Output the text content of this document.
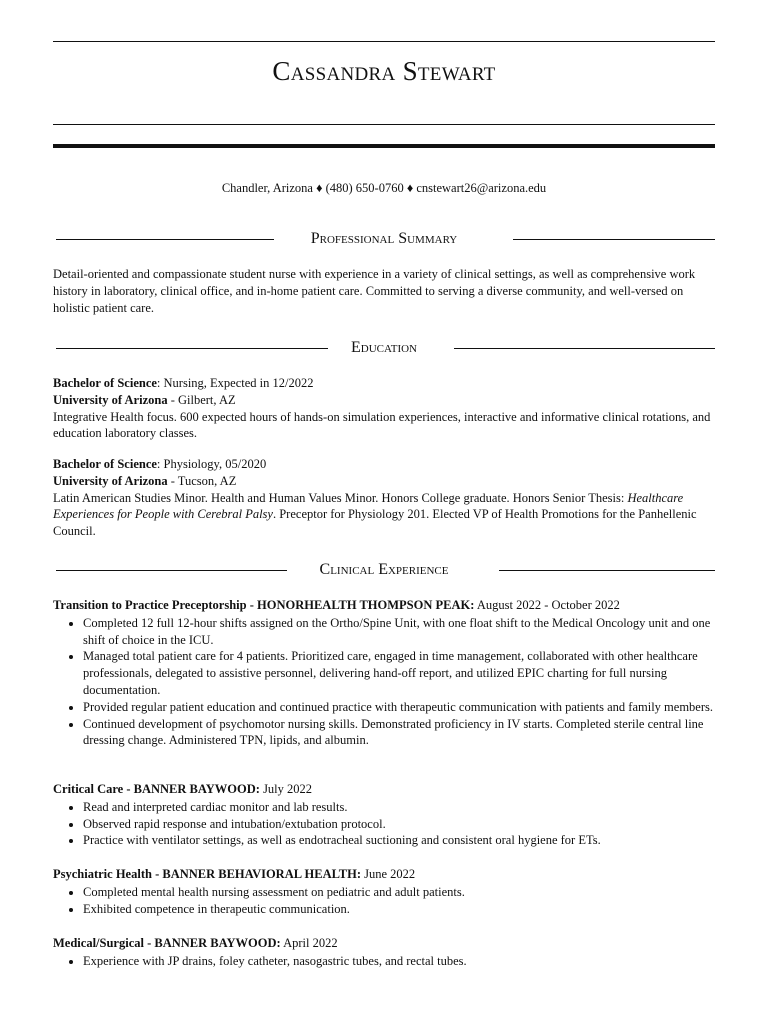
Cassandra Stewart
Chandler, Arizona ♦ (480) 650-0760 ♦ cnstewart26@arizona.edu
Professional Summary

Detail-oriented and compassionate student nurse with experience in a variety of clinical settings, as well as comprehensive work history in laboratory, clinical office, and in-home patient care. Committed to serving a diverse community, and well-versed on holistic patient care.

Education

Bachelor of Science: Nursing, Expected in 12/2022

University of Arizona - Gilbert, AZ

Integrative Health focus. 600 expected hours of hands-on simulation experiences, interactive and informative clinical rotations, and education laboratory classes.

Bachelor of Science: Physiology, 05/2020

University of Arizona - Tucson, AZ

Latin American Studies Minor. Health and Human Values Minor. Honors College graduate. Honors Senior Thesis: Healthcare Experiences for People with Cerebral Palsy. Preceptor for Physiology 201. Elected VP of Health Promotions for the Panhellenic Council.

Clinical Experience

Transition to Practice Preceptorship - HONORHEALTH THOMPSON PEAK: August 2022 - October 2022

• Completed 12 full 12-hour shifts assigned on the Ortho/Spine Unit, with one float shift to the Medical Oncology unit and one shift of choice in the ICU.
• Managed total patient care for 4 patients. Prioritized care, engaged in time management, collaborated with other healthcare professionals, delegated to assistive personnel, delivering hand-off report, and utilized EPIC charting for full nursing documentation.
• Provided regular patient education and continued practice with therapeutic communication with patients and family members.
• Continued development of psychomotor nursing skills. Demonstrated proficiency in IV starts. Completed sterile central line dressing change. Administered TPN, lipids, and albumin.

Critical Care - BANNER BAYWOOD: July 2022

• Read and interpreted cardiac monitor and lab results.
• Observed rapid response and intubation/extubation protocol.
• Practice with ventilator settings, as well as endotracheal suctioning and consistent oral hygiene for ETs.

Psychiatric Health - BANNER BEHAVIORAL HEALTH: June 2022

• Completed mental health nursing assessment on pediatric and adult patients.
• Exhibited competence in therapeutic communication.

Medical/Surgical - BANNER BAYWOOD: April 2022

• Experience with JP drains, foley catheter, nasogastric tubes, and rectal tubes.
